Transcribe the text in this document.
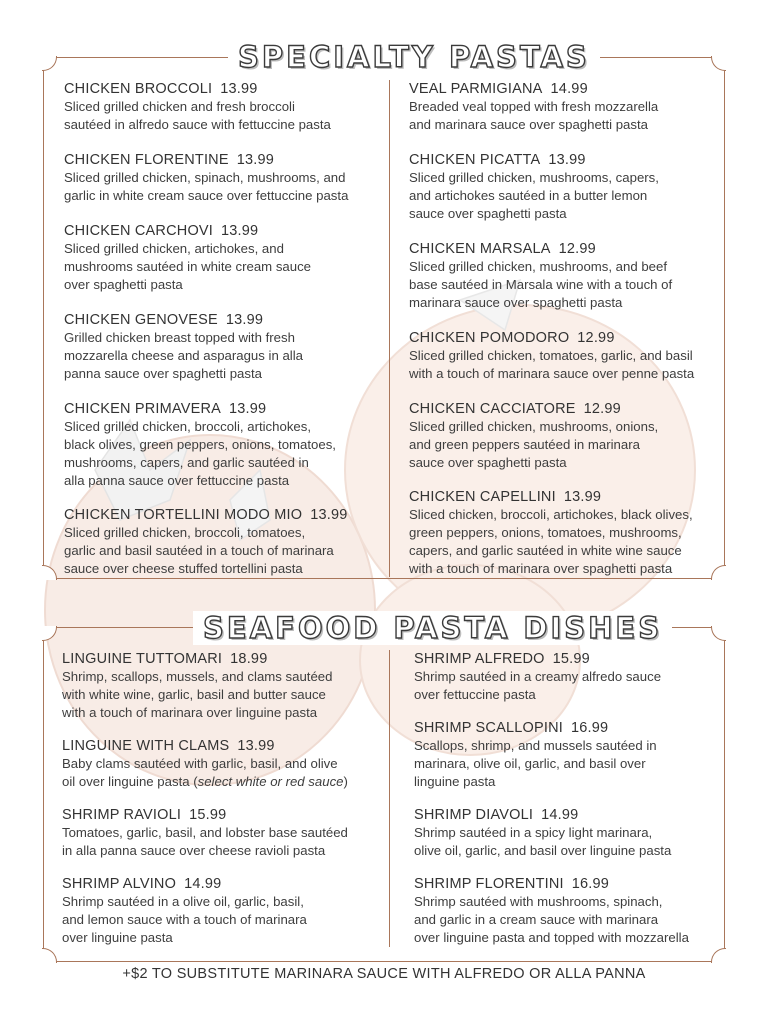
SPECIALTY PASTAS
CHICKEN BROCCOLI 13.99
Sliced grilled chicken and fresh broccoli
sautéed in alfredo sauce with fettuccine pasta
CHICKEN FLORENTINE 13.99
Sliced grilled chicken, spinach, mushrooms, and
garlic in white cream sauce over fettuccine pasta
CHICKEN CARCHOVI 13.99
Sliced grilled chicken, artichokes, and
mushrooms sautéed in white cream sauce
over spaghetti pasta
CHICKEN GENOVESE 13.99
Grilled chicken breast topped with fresh
mozzarella cheese and asparagus in alla
panna sauce over spaghetti pasta
CHICKEN PRIMAVERA 13.99
Sliced grilled chicken, broccoli, artichokes,
black olives, green peppers, onions, tomatoes,
mushrooms, capers, and garlic sautéed in
alla panna sauce over fettuccine pasta
CHICKEN TORTELLINI MODO MIO 13.99
Sliced grilled chicken, broccoli, tomatoes,
garlic and basil sautéed in a touch of marinara
sauce over cheese stuffed tortellini pasta
VEAL PARMIGIANA 14.99
Breaded veal topped with fresh mozzarella
and marinara sauce over spaghetti pasta
CHICKEN PICATTA 13.99
Sliced grilled chicken, mushrooms, capers,
and artichokes sautéed in a butter lemon
sauce over spaghetti pasta
CHICKEN MARSALA 12.99
Sliced grilled chicken, mushrooms, and beef
base sautéed in Marsala wine with a touch of
marinara sauce over spaghetti pasta
CHICKEN POMODORO 12.99
Sliced grilled chicken, tomatoes, garlic, and basil
with a touch of marinara sauce over penne pasta
CHICKEN CACCIATORE 12.99
Sliced grilled chicken, mushrooms, onions,
and green peppers sautéed in marinara
sauce over spaghetti pasta
CHICKEN CAPELLINI 13.99
Sliced chicken, broccoli, artichokes, black olives,
green peppers, onions, tomatoes, mushrooms,
capers, and garlic sautéed in white wine sauce
with a touch of marinara over spaghetti pasta
SEAFOOD PASTA DISHES
LINGUINE TUTTOMARI 18.99
Shrimp, scallops, mussels, and clams sautéed
with white wine, garlic, basil and butter sauce
with a touch of marinara over linguine pasta
LINGUINE WITH CLAMS 13.99
Baby clams sautéed with garlic, basil, and olive
oil over linguine pasta (select white or red sauce)
SHRIMP RAVIOLI 15.99
Tomatoes, garlic, basil, and lobster base sautéed
in alla panna sauce over cheese ravioli pasta
SHRIMP ALVINO 14.99
Shrimp sautéed in a olive oil, garlic, basil,
and lemon sauce with a touch of marinara
over linguine pasta
SHRIMP ALFREDO 15.99
Shrimp sautéed in a creamy alfredo sauce
over fettuccine pasta
SHRIMP SCALLOPINI 16.99
Scallops, shrimp, and mussels sautéed in
marinara, olive oil, garlic, and basil over
linguine pasta
SHRIMP DIAVOLI 14.99
Shrimp sautéed in a spicy light marinara,
olive oil, garlic, and basil over linguine pasta
SHRIMP FLORENTINI 16.99
Shrimp sautéed with mushrooms, spinach,
and garlic in a cream sauce with marinara
over linguine pasta and topped with mozzarella
+$2 TO SUBSTITUTE MARINARA SAUCE WITH ALFREDO OR ALLA PANNA
